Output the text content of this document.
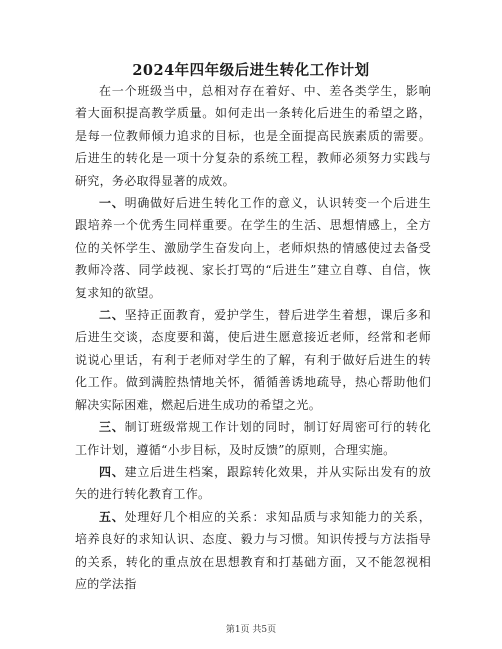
2024年四年级后进生转化工作计划

在一个班级当中，总相对存在着好、中、差各类学生，影响着大面积提高教学质量。如何走出一条转化后进生的希望之路，是每一位教师倾力追求的目标，也是全面提高民族素质的需要。后进生的转化是一项十分复杂的系统工程，教师必须努力实践与研究，务必取得显著的成效。

一、明确做好后进生转化工作的意义，认识转变一个后进生跟培养一个优秀生同样重要。在学生的生活、思想情感上，全方位的关怀学生、激励学生奋发向上，老师炽热的情感使过去备受教师冷落、同学歧视、家长打骂的“后进生”建立自尊、自信，恢复求知的欲望。

二、坚持正面教育，爱护学生，替后进学生着想，课后多和后进生交谈，态度要和蔼，使后进生愿意接近老师，经常和老师说说心里话，有利于老师对学生的了解，有利于做好后进生的转化工作。做到满腔热情地关怀，循循善诱地疏导，热心帮助他们解决实际困难，燃起后进生成功的希望之光。

三、制订班级常规工作计划的同时，制订好周密可行的转化工作计划，遵循“小步目标，及时反馈”的原则，合理实施。

四、建立后进生档案，跟踪转化效果，并从实际出发有的放矢的进行转化教育工作。

五、处理好几个相应的关系：求知品质与求知能力的关系，培养良好的求知认识、态度、毅力与习惯。知识传授与方法指导的关系，转化的重点放在思想教育和打基础方面，又不能忽视相应的学法指

第1页 共5页
